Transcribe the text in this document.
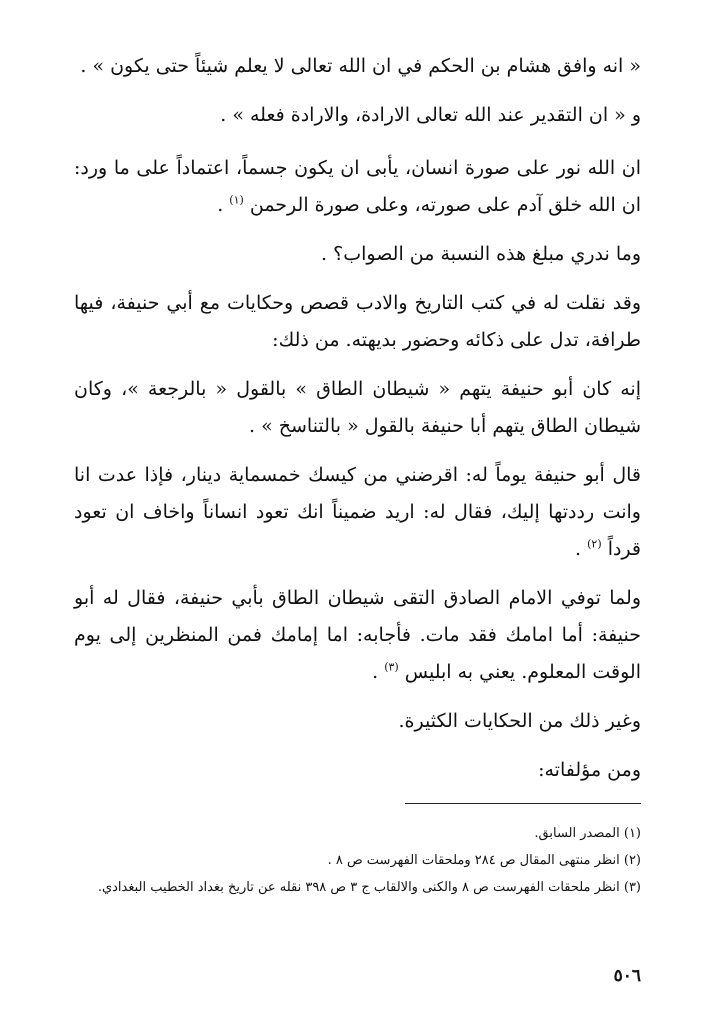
« انه وافق هشام بن الحكم في ان الله تعالى لا يعلم شيئاً حتى يكون » .

و « ان التقدير عند الله تعالى الارادة، والارادة فعله » .

ان الله نور على صورة انسان، يأبى ان يكون جسماً، اعتماداً على ما ورد: ان الله خلق آدم على صورته، وعلى صورة الرحمن $^{(١)}$ .

وما ندري مبلغ هذه النسبة من الصواب؟ .

وقد نقلت له في كتب التاريخ والادب قصص وحكايات مع أبي حنيفة، فيها طرافة، تدل على ذكائه وحضور بديهته. من ذلك:

إنه كان أبو حنيفة يتهم « شيطان الطاق » بالقول « بالرجعة »، وكان شيطان الطاق يتهم أبا حنيفة بالقول « بالتناسخ » .

قال أبو حنيفة يوماً له: اقرضني من كيسك خمسماية دينار، فإذا عدت انا وانت رددتها إليك، فقال له: اريد ضميناً انك تعود انساناً واخاف ان تعود قرداً $^{(٢)}$ .

ولما توفي الامام الصادق التقى شيطان الطاق بأبي حنيفة، فقال له أبو حنيفة: أما امامك فقد مات. فأجابه: اما إمامك فمن المنظرين إلى يوم الوقت المعلوم. يعني به ابليس $^{(٣)}$ .

وغير ذلك من الحكايات الكثيرة.

ومن مؤلفاته:

(١) المصدر السابق.

(٢) انظر منتهى المقال ص ٢٨٤ وملحقات الفهرست ص ٨ .

(٣) انظر ملحقات الفهرست ص ٨ والكنى والالقاب ج ٣ ص ٣٩٨ نقله عن تاريخ بغداد الخطيب البغدادي.

٥٠٦
